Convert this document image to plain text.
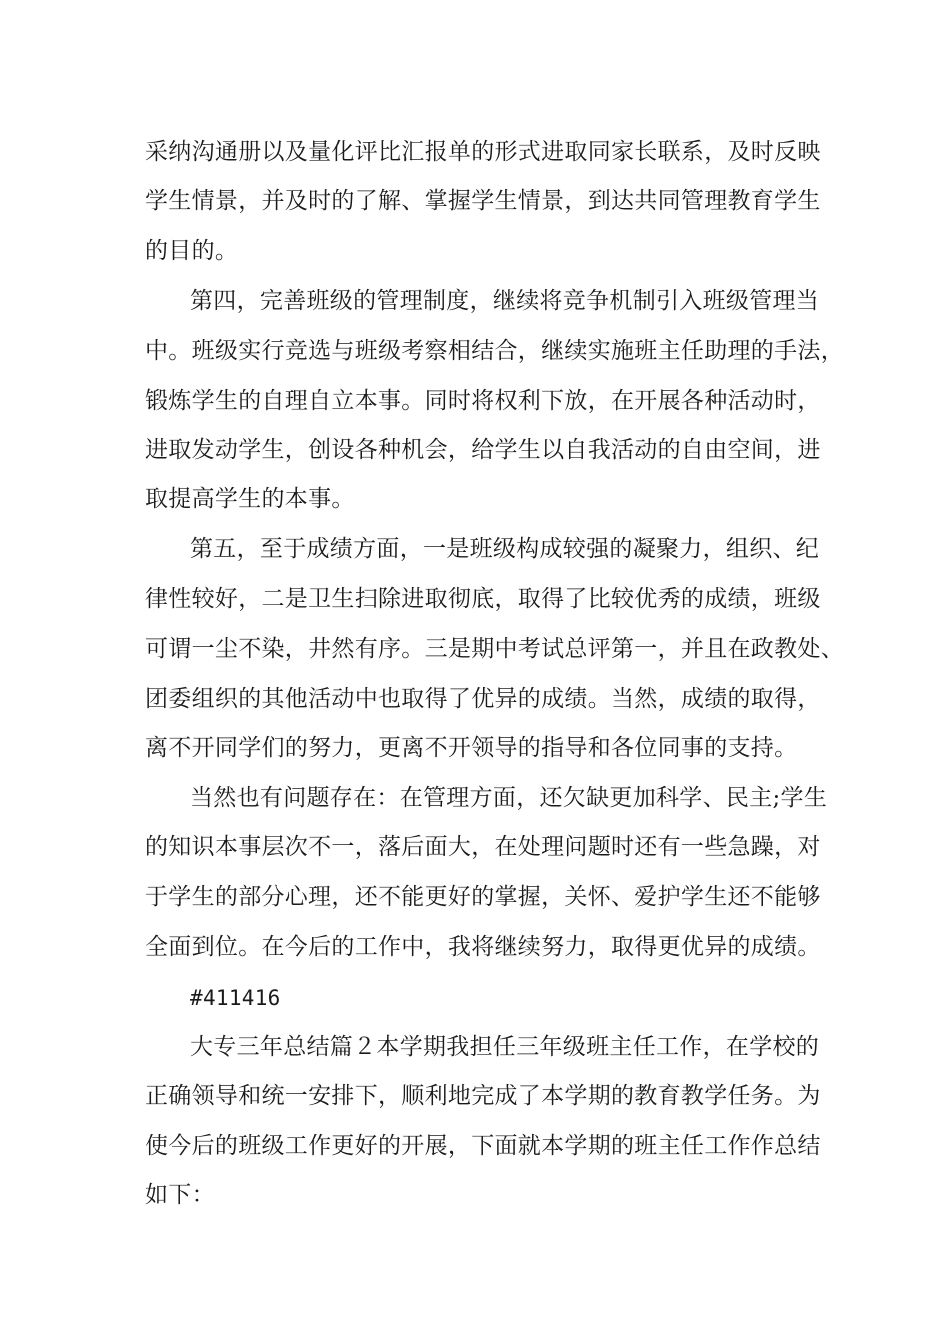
采纳沟通册以及量化评比汇报单的形式进取同家长联系，及时反映
学生情景，并及时的了解、掌握学生情景，到达共同管理教育学生
的目的。
第四，完善班级的管理制度，继续将竞争机制引入班级管理当
中。班级实行竞选与班级考察相结合，继续实施班主任助理的手法，
锻炼学生的自理自立本事。同时将权利下放，在开展各种活动时，
进取发动学生，创设各种机会，给学生以自我活动的自由空间，进
取提高学生的本事。
第五，至于成绩方面，一是班级构成较强的凝聚力，组织、纪
律性较好，二是卫生扫除进取彻底，取得了比较优秀的成绩，班级
可谓一尘不染，井然有序。三是期中考试总评第一，并且在政教处、
团委组织的其他活动中也取得了优异的成绩。当然，成绩的取得，
离不开同学们的努力，更离不开领导的指导和各位同事的支持。
当然也有问题存在：在管理方面，还欠缺更加科学、民主;学生
的知识本事层次不一，落后面大，在处理问题时还有一些急躁，对
于学生的部分心理，还不能更好的掌握，关怀、爱护学生还不能够
全面到位。在今后的工作中，我将继续努力，取得更优异的成绩。
#411416
大专三年总结篇２本学期我担任三年级班主任工作，在学校的
正确领导和统一安排下，顺利地完成了本学期的教育教学任务。为
使今后的班级工作更好的开展，下面就本学期的班主任工作作总结
如下：
